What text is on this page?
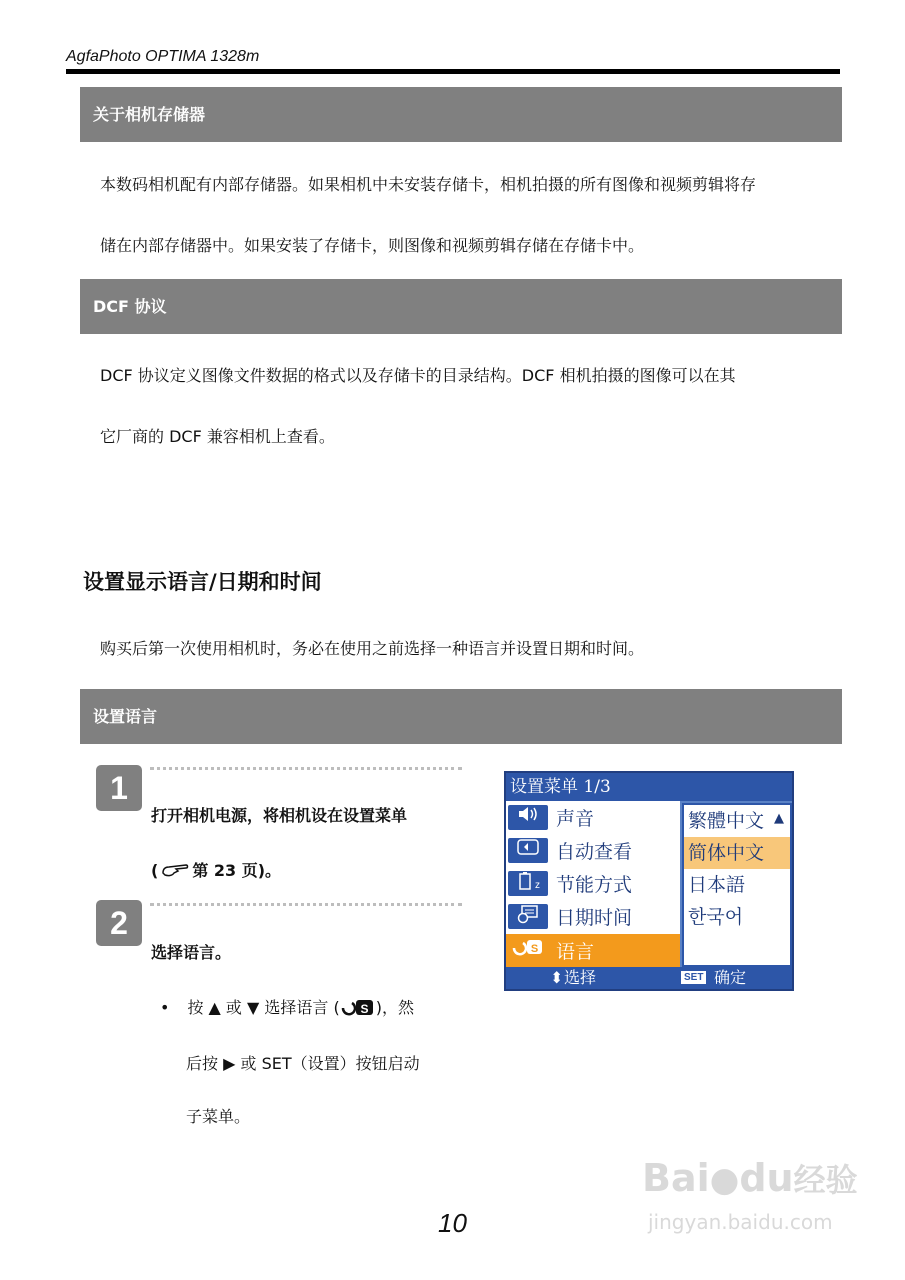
AgfaPhoto OPTIMA 1328m
关于相机存储器
本数码相机配有内部存储器。如果相机中未安装存储卡，相机拍摄的所有图像和视频剪辑将存
储在内部存储器中。如果安装了存储卡，则图像和视频剪辑存储在存储卡中。
DCF 协议
DCF 协议定义图像文件数据的格式以及存储卡的目录结构。DCF 相机拍摄的图像可以在其
它厂商的 DCF 兼容相机上查看。
设置显示语言/日期和时间
购买后第一次使用相机时，务必在使用之前选择一种语言并设置日期和时间。
设置语言
1
打开相机电源，将相机设在设置菜单
( 第 23 页)。
2
选择语言。
• 按 ▲ 或 ▼ 选择语言 ( S )，然
后按 ▶ 或 SET（设置）按钮启动
子菜单。
设置菜单 1/3
声音
自动查看
z 节能方式
日期时间
S 语言
繁體中文 ▲
简体中文
日本語
한국어
⬍ 选择	SET 确定
10
Bai●du经验
jingyan.baidu.com
